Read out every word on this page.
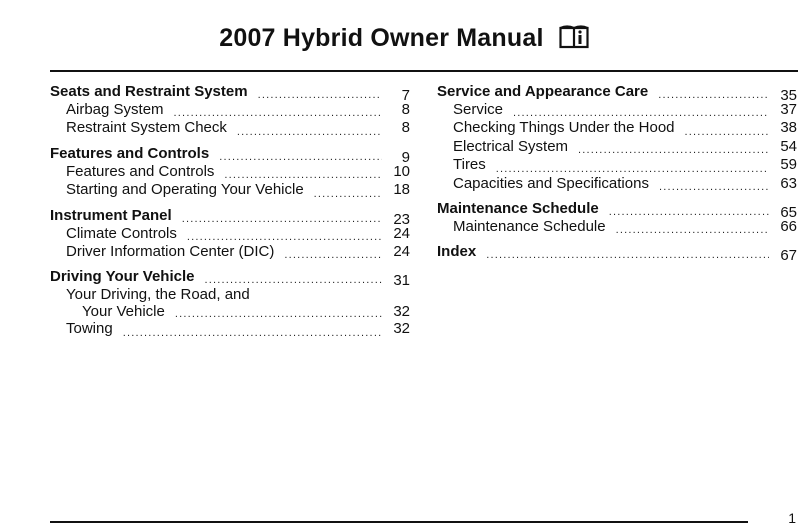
2007 Hybrid Owner Manual
Seats and Restraint System .....	7
Airbag System .....	8
Restraint System Check .....	8
Features and Controls .....	9
Features and Controls .....	10
Starting and Operating Your Vehicle .....	18
Instrument Panel .....	23
Climate Controls .....	24
Driver Information Center (DIC) .....	24
Driving Your Vehicle .....	31
Your Driving, the Road, and
Your Vehicle .....	32
Towing .....	32
Service and Appearance Care .....	35
Service .....	37
Checking Things Under the Hood .....	38
Electrical System .....	54
Tires .....	59
Capacities and Specifications .....	63
Maintenance Schedule .....	65
Maintenance Schedule .....	66
Index .....	67
1
